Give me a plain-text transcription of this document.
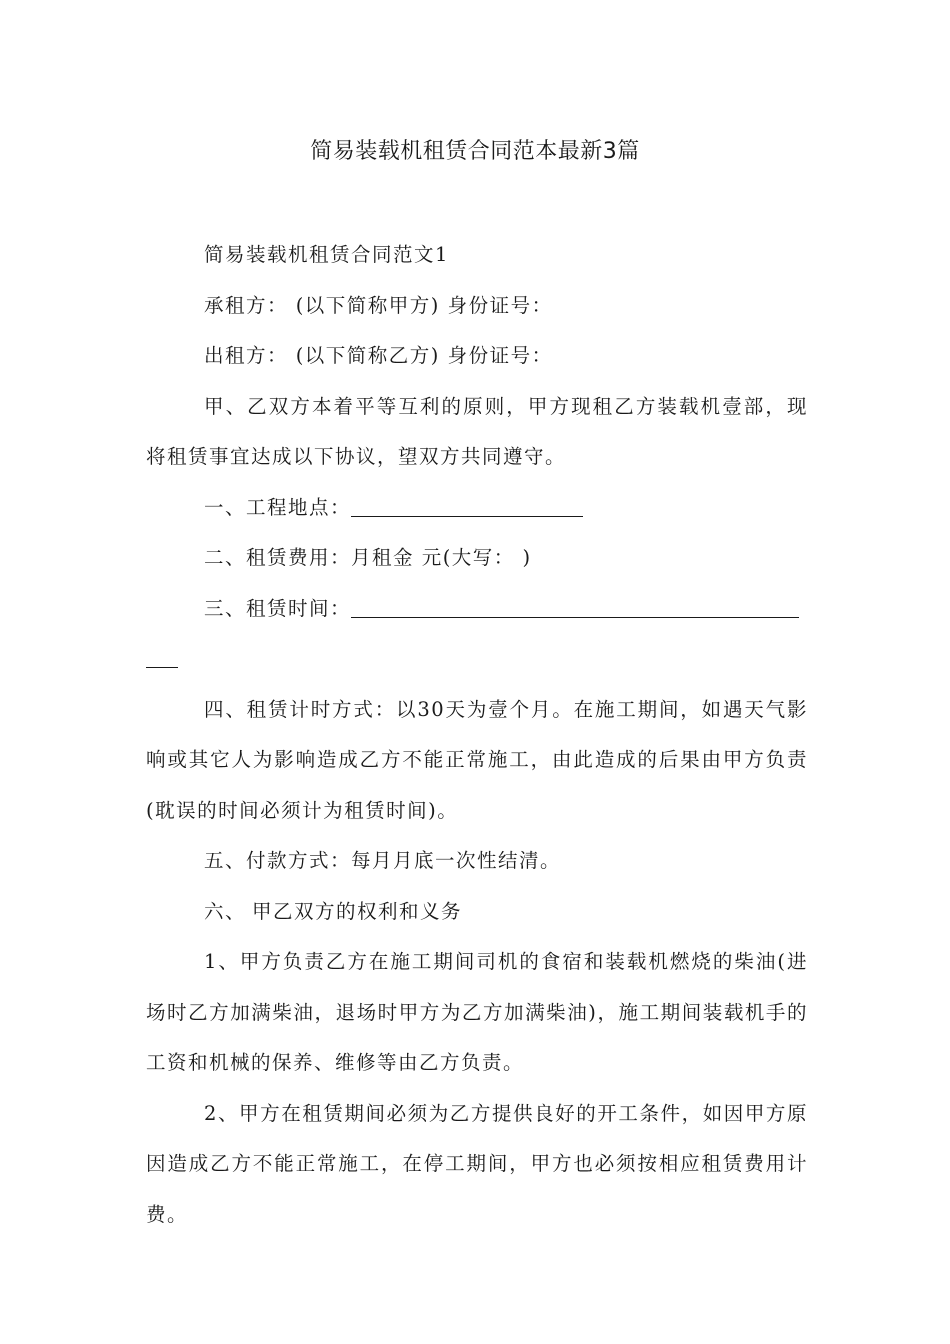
简易装载机租赁合同范本最新3篇

简易装载机租赁合同范文1

承租方： (以下简称甲方) 身份证号：

出租方： (以下简称乙方) 身份证号：

甲、乙双方本着平等互利的原则，甲方现租乙方装载机壹部，现将租赁事宜达成以下协议，望双方共同遵守。

一、工程地点：

二、租赁费用：月租金 元(大写： )

三、租赁时间：

四、租赁计时方式：以30天为壹个月。在施工期间，如遇天气影响或其它人为影响造成乙方不能正常施工，由此造成的后果由甲方负责(耽误的时间必须计为租赁时间)。

五、付款方式：每月月底一次性结清。

六、 甲乙双方的权利和义务

1、甲方负责乙方在施工期间司机的食宿和装载机燃烧的柴油(进场时乙方加满柴油，退场时甲方为乙方加满柴油)，施工期间装载机手的工资和机械的保养、维修等由乙方负责。

2、甲方在租赁期间必须为乙方提供良好的开工条件，如因甲方原因造成乙方不能正常施工，在停工期间，甲方也必须按相应租赁费用计费。
